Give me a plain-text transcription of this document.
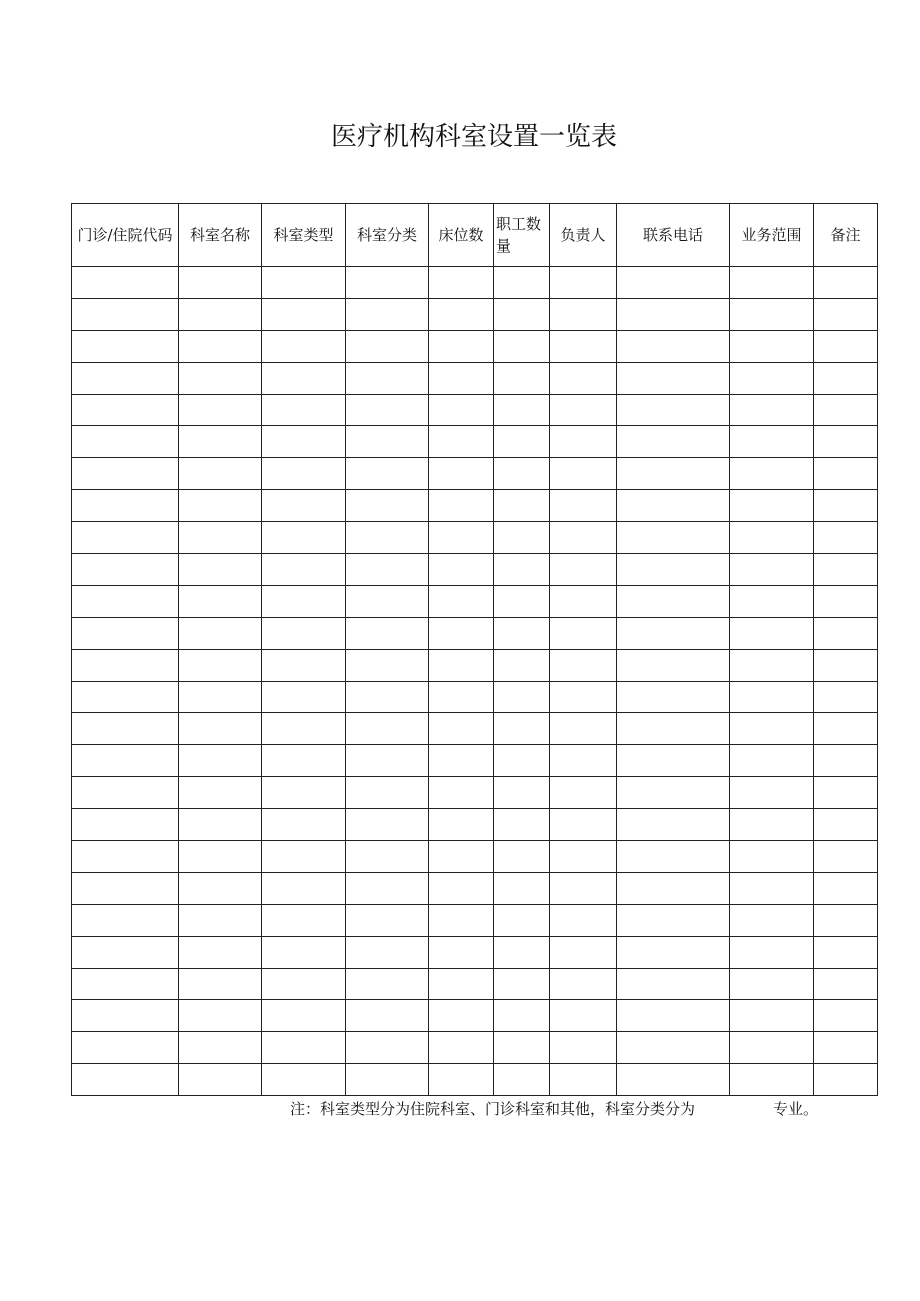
医疗机构科室设置一览表
门诊/住院代码	科室名称	科室类型	科室分类	床位数	职工数量	负责人	联系电话	业务范围	备注

注：科室类型分为住院科室、门诊科室和其他，科室分类分为	专业。
